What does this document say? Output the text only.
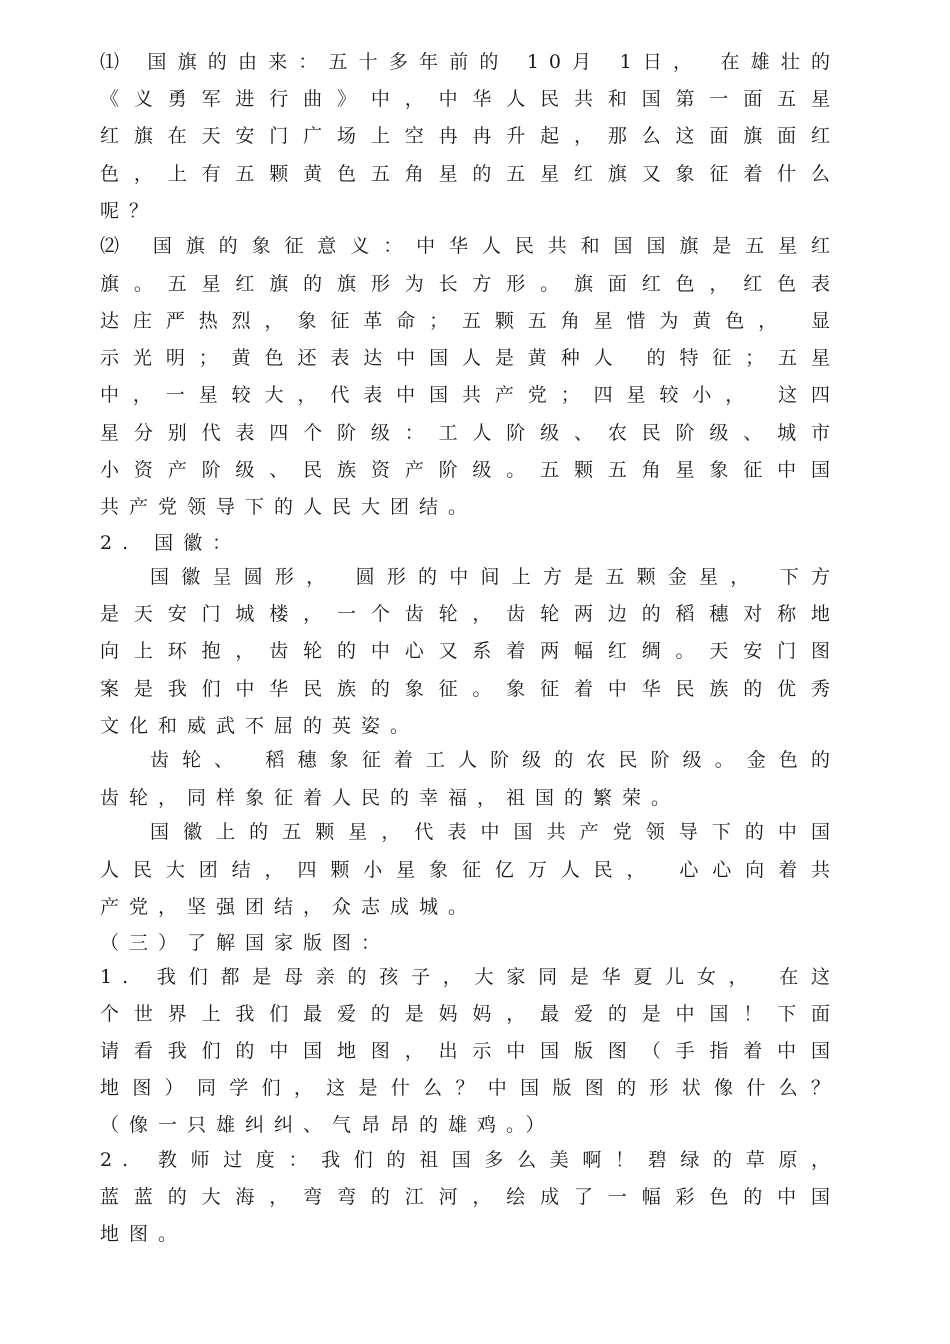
⑴ 国旗的由来：五十多年前的 10月 1日， 在雄壮的
《义勇军进行曲》中，中华人民共和国第一面五星
红旗在天安门广场上空冉冉升起，那么这面旗面红
色，上有五颗黄色五角星的五星红旗又象征着什么
呢？
⑵ 国旗的象征意义：中华人民共和国国旗是五星红
旗。五星红旗的旗形为长方形。旗面红色，红色表
达庄严热烈，象征革命；五颗五角星惜为黄色， 显
示光明；黄色还表达中国人是黄种人 的特征；五星
中，一星较大，代表中国共产党；四星较小， 这四
星分别代表四个阶级：工人阶级、农民阶级、城市
小资产阶级、民族资产阶级。五颗五角星象征中国
共产党领导下的人民大团结。
2. 国徽：
国徽呈圆形， 圆形的中间上方是五颗金星， 下方
是天安门城楼，一个齿轮，齿轮两边的稻穗对称地
向上环抱，齿轮的中心又系着两幅红绸。天安门图
案是我们中华民族的象征。象征着中华民族的优秀
文化和威武不屈的英姿。
齿轮、 稻穗象征着工人阶级的农民阶级。金色的
齿轮，同样象征着人民的幸福，祖国的繁荣。
国徽上的五颗星，代表中国共产党领导下的中国
人民大团结，四颗小星象征亿万人民， 心心向着共
产党，坚强团结，众志成城。
（三）了解国家版图：
1. 我们都是母亲的孩子，大家同是华夏儿女， 在这
个世界上我们最爱的是妈妈，最爱的是中国！下面
请看我们的中国地图，出示中国版图（手指着中国
地图）同学们，这是什么？中国版图的形状像什么？
（像一只雄纠纠、气昂昂的雄鸡。）
2. 教师过度：我们的祖国多么美啊！碧绿的草原，
蓝蓝的大海，弯弯的江河，绘成了一幅彩色的中国
地图。
